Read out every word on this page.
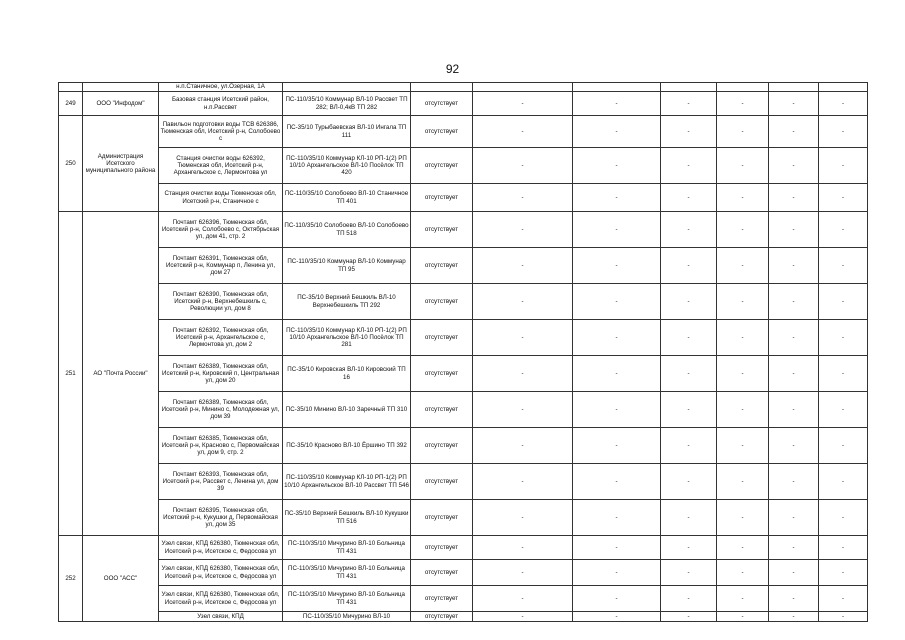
92
		н.п.Станичное, ул.Озерная, 1А								
249	ООО "Инфодом"	Базовая станция Исетский район, н.п.Рассвет	ПС-110/35/10 Коммунар ВЛ-10 Рассвет ТП 282; ВЛ-0,4кВ ТП 282	отсутствует	-	-	-	-	-	-
250	Администрация Исетского муниципального района	Павильон подготовки воды ТСВ 626386, Тюменская обл, Исетский р-н, Солобоево с	ПС-35/10 Турыбаевская ВЛ-10 Ингала ТП 111	отсутствует	-	-	-	-	-	-
		Станция очистки воды 626392, Тюменская обл, Исетский р-н, Архангельское с, Лермонтова ул	ПС-110/35/10 Коммунар КЛ-10 РП-1(2) РП 10/10 Архангельское ВЛ-10 Посёлок ТП 420	отсутствует	-	-	-	-	-	-
		Станция очистки воды Тюменская обл, Исетский р-н, Станичное с	ПС-110/35/10 Солобоево ВЛ-10 Станичное ТП 401	отсутствует	-	-	-	-	-	-
251	АО "Почта России"	Почтамт 626396, Тюменская обл, Исетский р-н, Солобоево с, Октябрьская ул, дом 41, стр. 2	ПС-110/35/10 Солобоево ВЛ-10 Солобоево ТП 518	отсутствует	-	-	-	-	-	-
		Почтамт 626391, Тюменская обл, Исетский р-н, Коммунар п, Ленина ул, дом 27	ПС-110/35/10 Коммунар ВЛ-10 Коммунар ТП 95	отсутствует	-	-	-	-	-	-
		Почтамт 626390, Тюменская обл, Исетский р-н, Верхнебешкиль с, Революции ул, дом 8	ПС-35/10 Верхний Бешкиль ВЛ-10 Верхнебешкиль ТП 292	отсутствует	-	-	-	-	-	-
		Почтамт 626392, Тюменская обл, Исетский р-н, Архангельское с, Лермонтова ул, дом 2	ПС-110/35/10 Коммунар КЛ-10 РП-1(2) РП 10/10 Архангельское ВЛ-10 Посёлок ТП 281	отсутствует	-	-	-	-	-	-
		Почтамт 626389, Тюменская обл, Исетский р-н, Кировский п, Центральная ул, дом 20	ПС-35/10 Кировская ВЛ-10 Кировский ТП 16	отсутствует	-	-	-	-	-	-
		Почтамт 626389, Тюменская обл, Исетский р-н, Минино с, Молодежная ул, дом 39	ПС-35/10 Минино ВЛ-10 Заречный ТП 310	отсутствует	-	-	-	-	-	-
		Почтамт 626385, Тюменская обл, Исетский р-н, Красново с, Первомайская ул, дом 9, стр. 2	ПС-35/10 Красново ВЛ-10 Ёршино ТП 392	отсутствует	-	-	-	-	-	-
		Почтамт 626393, Тюменская обл, Исетский р-н, Рассвет с, Ленина ул, дом 39	ПС-110/35/10 Коммунар КЛ-10 РП-1(2) РП 10/10 Архангельское ВЛ-10 Рассвет ТП 546	отсутствует	-	-	-	-	-	-
		Почтамт 626395, Тюменская обл, Исетский р-н, Кукушки д, Первомайская ул, дом 35	ПС-35/10 Верхний Бешкиль ВЛ-10 Кукушки ТП 516	отсутствует	-	-	-	-	-	-
252	ООО "АСС"	Узел связи, КПД 626380, Тюменская обл, Исетский р-н, Исетское с, Федосова ул	ПС-110/35/10 Мичурино ВЛ-10 Больница ТП 431	отсутствует	-	-	-	-	-	-
		Узел связи, КПД 626380, Тюменская обл, Исетский р-н, Исетское с, Федосова ул	ПС-110/35/10 Мичурино ВЛ-10 Больница ТП 431	отсутствует	-	-	-	-	-	-
		Узел связи, КПД 626380, Тюменская обл, Исетский р-н, Исетское с, Федосова ул	ПС-110/35/10 Мичурино ВЛ-10 Больница ТП 431	отсутствует	-	-	-	-	-	-
		Узел связи, КПД	ПС-110/35/10 Мичурино ВЛ-10	отсутствует	-	-	-	-	-	-
